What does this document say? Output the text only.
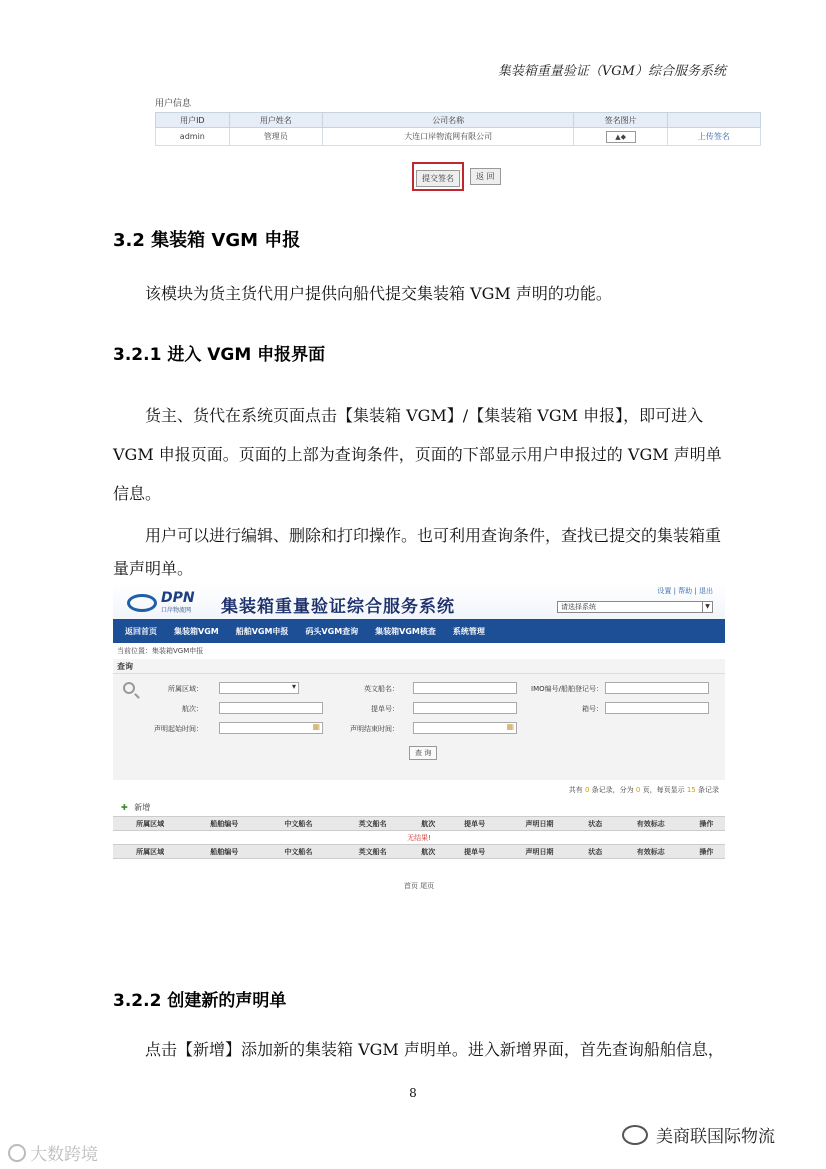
集装箱重量验证（VGM）综合服务系统
用户信息
用户ID	用户姓名	公司名称	签名图片	
admin	管理员	大连口岸物流网有限公司	▲◆	上传签名
提交签名	返 回
3.2 集装箱 VGM 申报
该模块为货主货代用户提供向船代提交集装箱 VGM 声明的功能。
3.2.1 进入 VGM 申报界面
货主、货代在系统页面点击【集装箱 VGM】/【集装箱 VGM 申报】，即可进入 VGM 申报页面。页面的上部为查询条件，页面的下部显示用户申报过的 VGM 声明单信息。
用户可以进行编辑、删除和打印操作。也可利用查询条件，查找已提交的集装箱重量声明单。
DPN
口岸物流网 集装箱重量验证综合服务系统
设置 | 帮助 | 退出
请选择系统	▼
返回首页 集装箱VGM 船舶VGM申报 码头VGM查询 集装箱VGM核查 系统管理
当前位置：集装箱VGM申报
查询
所属区域： ▾	英文船名：	IMO编号/船舶登记号：
航次：	提单号：	箱号：
声明起始时间： ▦	声明结束时间：
▦
查 询
共有 0 条记录，分为 0 页，每页显示 15 条记录
✚ 新增
所属区域	船舶编号	中文船名	英文船名	航次	提单号	声明日期	状态	有效标志	操作
无结果!									
所属区域	船舶编号	中文船名	英文船名	航次	提单号	声明日期	状态	有效标志	操作
首页 尾页
3.2.2 创建新的声明单
点击【新增】添加新的集装箱 VGM 声明单。进入新增界面，首先查询船舶信息，
8
大数跨境
美商联国际物流
